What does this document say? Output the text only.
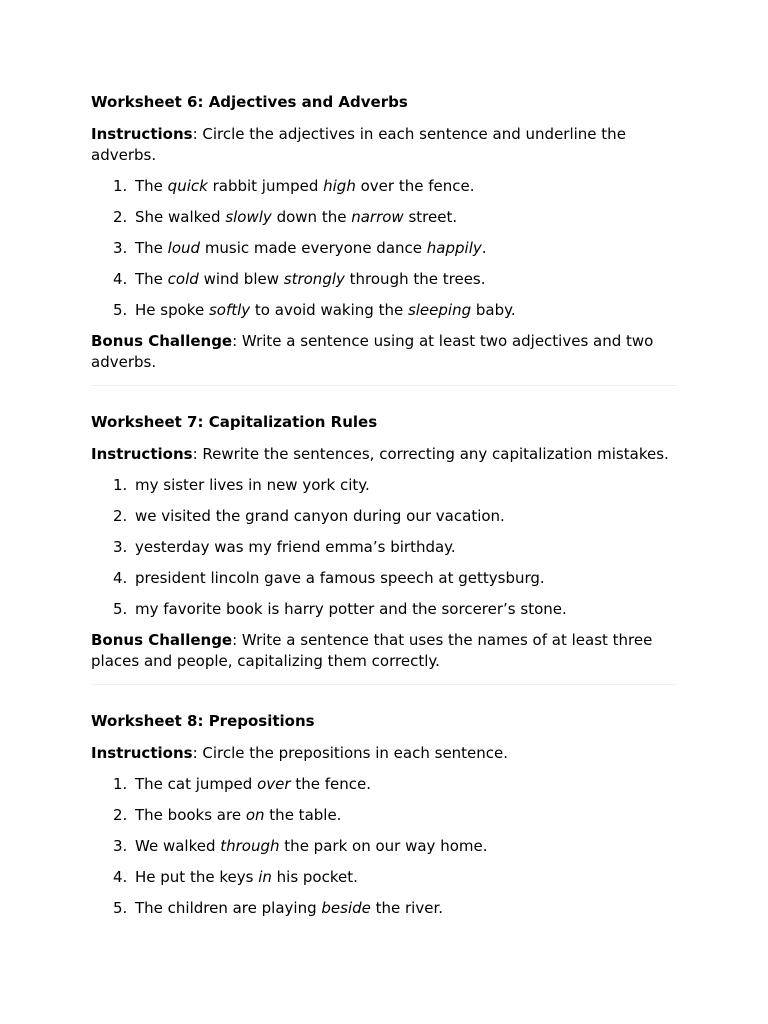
Worksheet 6: Adjectives and Adverbs

Instructions: Circle the adjectives in each sentence and underline the adverbs.

1. The quick rabbit jumped high over the fence.
2. She walked slowly down the narrow street.
3. The loud music made everyone dance happily.
4. The cold wind blew strongly through the trees.
5. He spoke softly to avoid waking the sleeping baby.

Bonus Challenge: Write a sentence using at least two adjectives and two adverbs.

Worksheet 7: Capitalization Rules

Instructions: Rewrite the sentences, correcting any capitalization mistakes.

1. my sister lives in new york city.
2. we visited the grand canyon during our vacation.
3. yesterday was my friend emma’s birthday.
4. president lincoln gave a famous speech at gettysburg.
5. my favorite book is harry potter and the sorcerer’s stone.

Bonus Challenge: Write a sentence that uses the names of at least three places and people, capitalizing them correctly.

Worksheet 8: Prepositions

Instructions: Circle the prepositions in each sentence.

1. The cat jumped over the fence.
2. The books are on the table.
3. We walked through the park on our way home.
4. He put the keys in his pocket.
5. The children are playing beside the river.
